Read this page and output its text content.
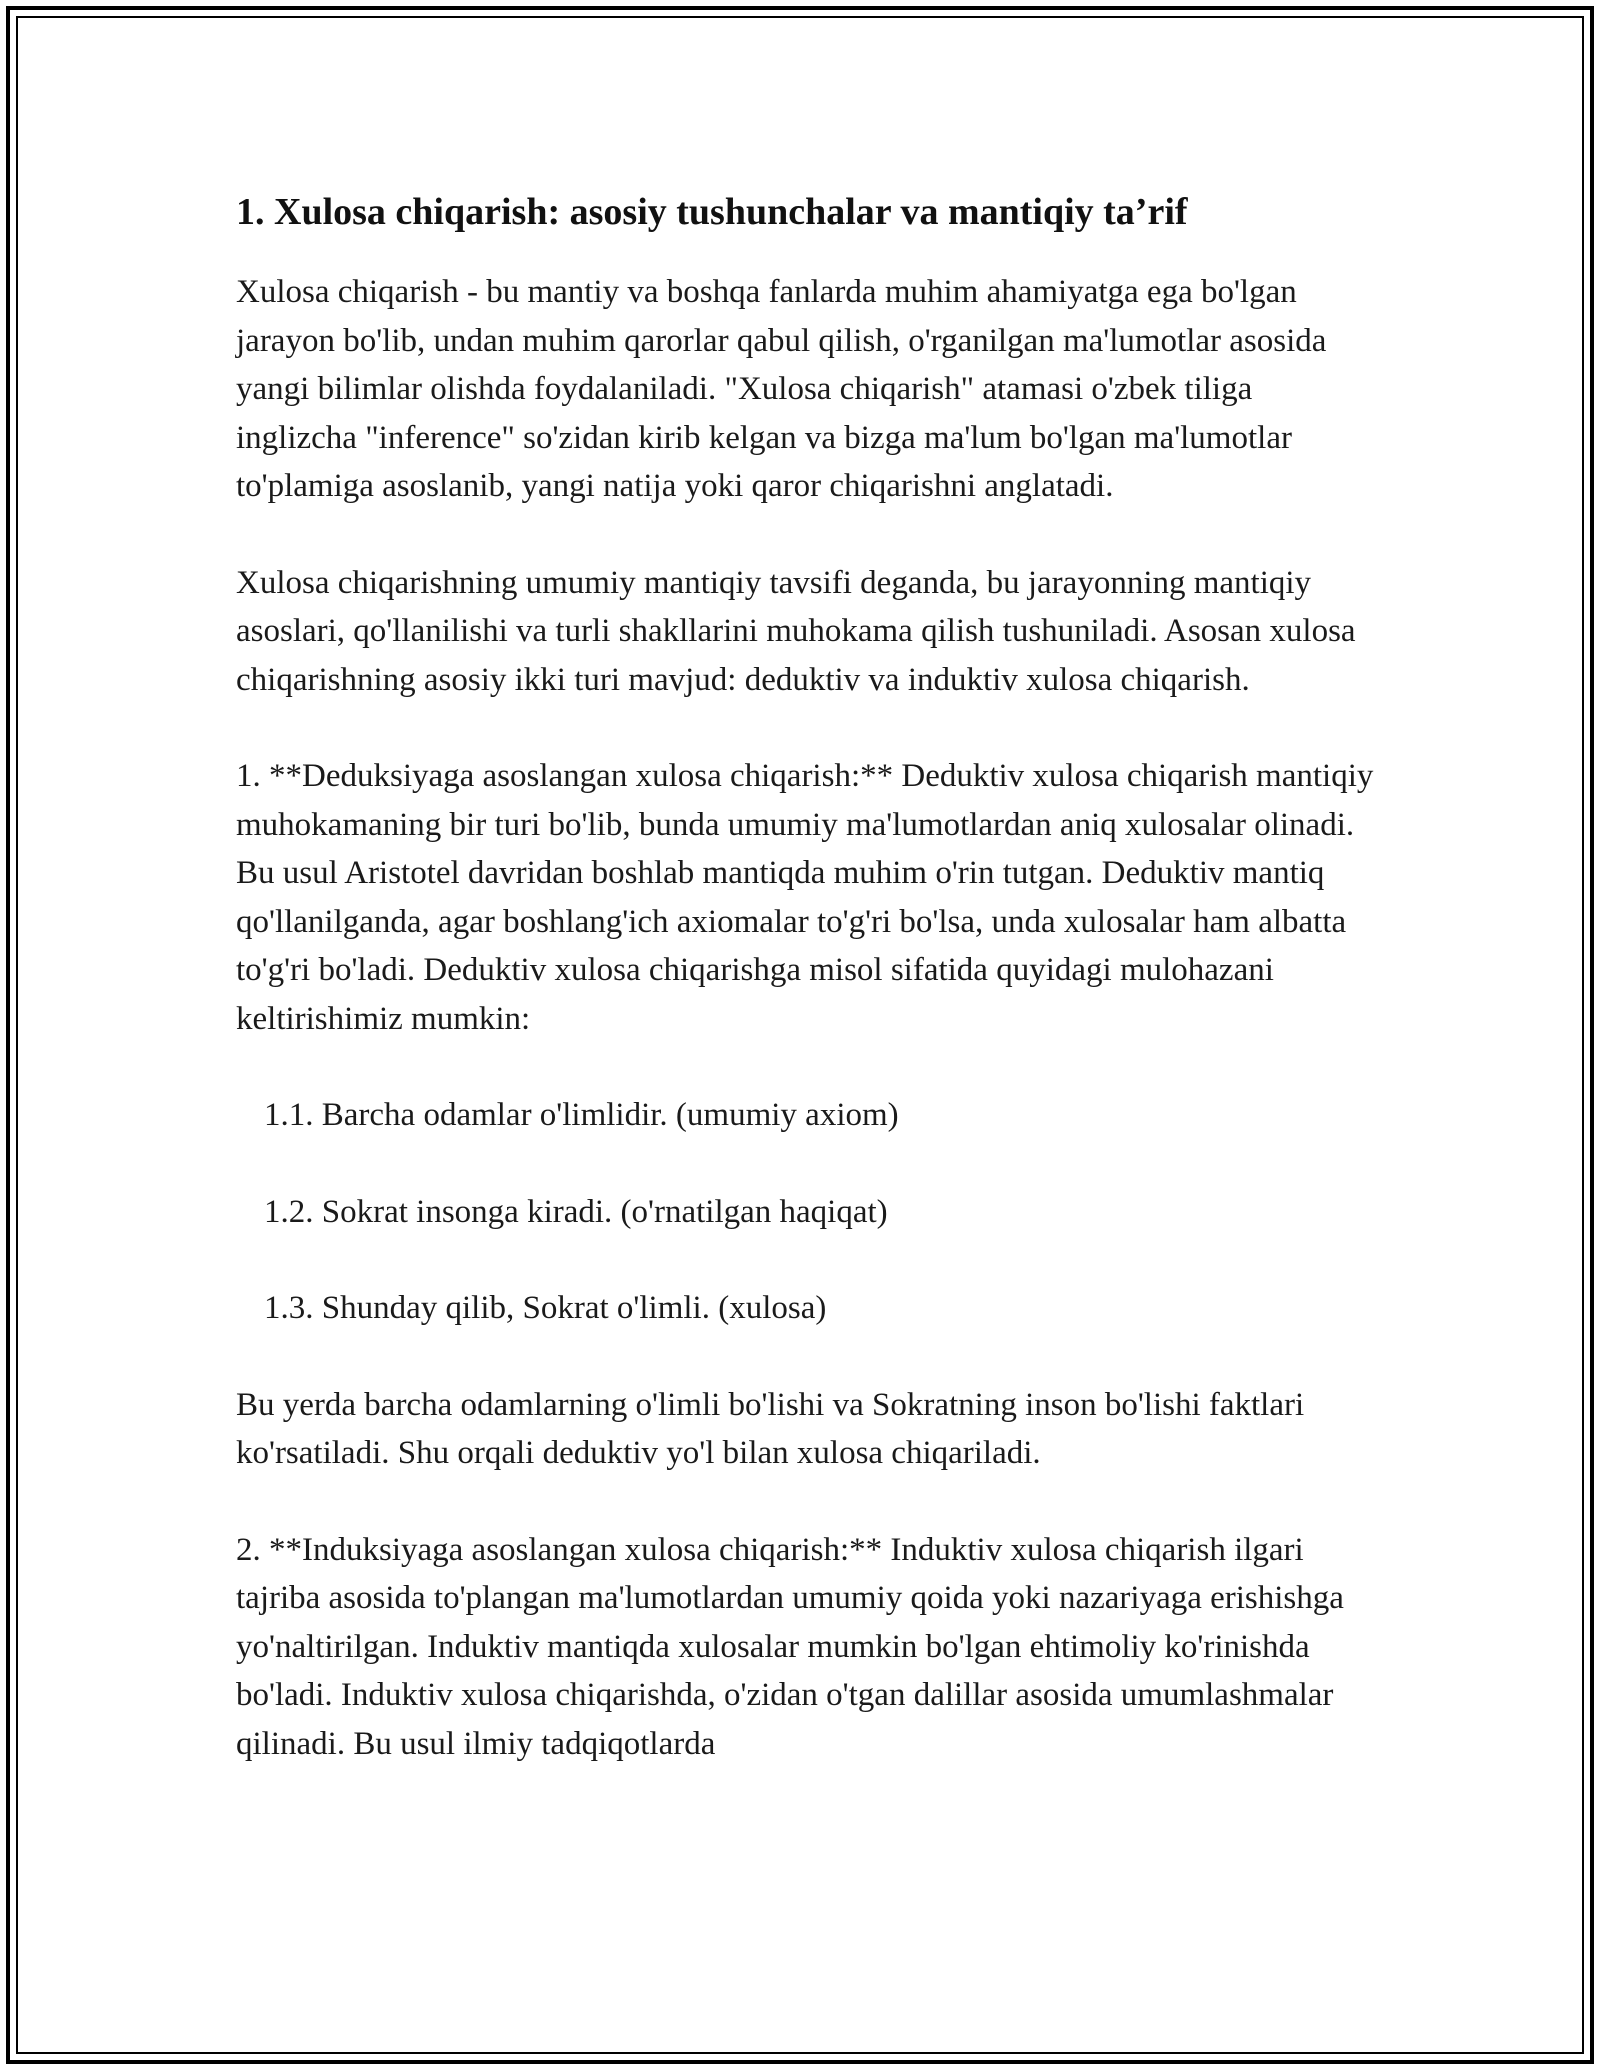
1. Xulosa chiqarish: asosiy tushunchalar va mantiqiy ta’rif

Xulosa chiqarish - bu mantiy va boshqa fanlarda muhim ahamiyatga ega bo'lgan jarayon bo'lib, undan muhim qarorlar qabul qilish, o'rganilgan ma'lumotlar asosida yangi bilimlar olishda foydalaniladi. "Xulosa chiqarish" atamasi o'zbek tiliga inglizcha "inference" so'zidan kirib kelgan va bizga ma'lum bo'lgan ma'lumotlar to'plamiga asoslanib, yangi natija yoki qaror chiqarishni anglatadi.

Xulosa chiqarishning umumiy mantiqiy tavsifi deganda, bu jarayonning mantiqiy asoslari, qo'llanilishi va turli shakllarini muhokama qilish tushuniladi. Asosan xulosa chiqarishning asosiy ikki turi mavjud: deduktiv va induktiv xulosa chiqarish.

1. **Deduksiyaga asoslangan xulosa chiqarish:** Deduktiv xulosa chiqarish mantiqiy muhokamaning bir turi bo'lib, bunda umumiy ma'lumotlardan aniq xulosalar olinadi. Bu usul Aristotel davridan boshlab mantiqda muhim o'rin tutgan. Deduktiv mantiq qo'llanilganda, agar boshlang'ich axiomalar to'g'ri bo'lsa, unda xulosalar ham albatta to'g'ri bo'ladi. Deduktiv xulosa chiqarishga misol sifatida quyidagi mulohazani keltirishimiz mumkin:

1.1. Barcha odamlar o'limlidir. (umumiy axiom)

1.2. Sokrat insonga kiradi. (o'rnatilgan haqiqat)

1.3. Shunday qilib, Sokrat o'limli. (xulosa)

Bu yerda barcha odamlarning o'limli bo'lishi va Sokratning inson bo'lishi faktlari ko'rsatiladi. Shu orqali deduktiv yo'l bilan xulosa chiqariladi.

2. **Induksiyaga asoslangan xulosa chiqarish:** Induktiv xulosa chiqarish ilgari tajriba asosida to'plangan ma'lumotlardan umumiy qoida yoki nazariyaga erishishga yo'naltirilgan. Induktiv mantiqda xulosalar mumkin bo'lgan ehtimoliy ko'rinishda bo'ladi. Induktiv xulosa chiqarishda, o'zidan o'tgan dalillar asosida umumlashmalar qilinadi. Bu usul ilmiy tadqiqotlarda
